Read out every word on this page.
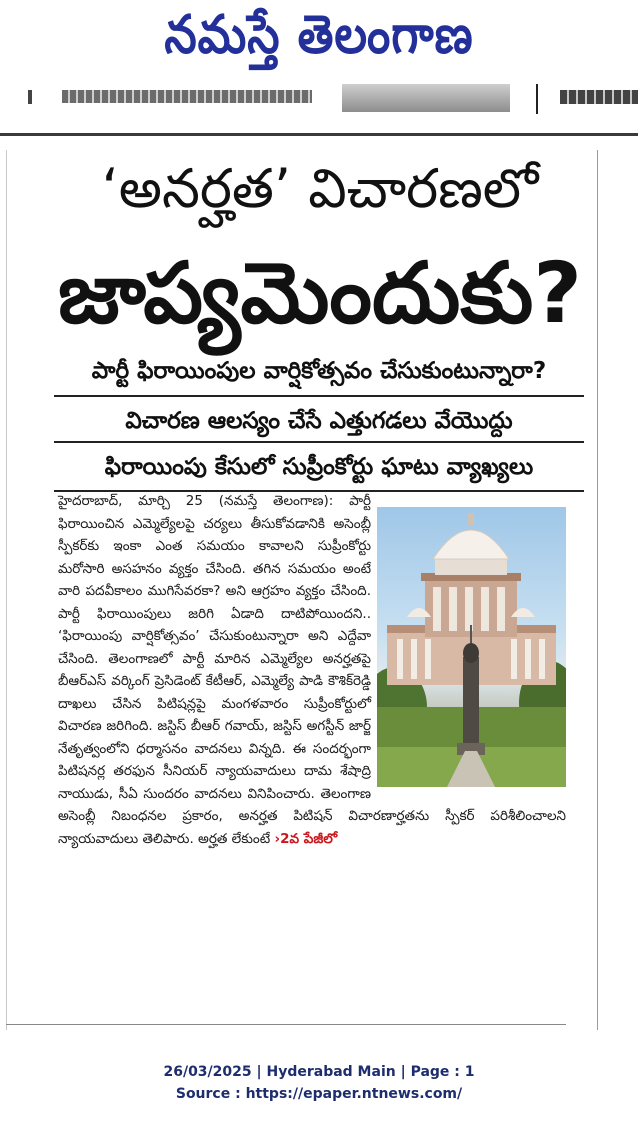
నమస్తే తెలంగాణ
‘అనర్హత’ విచారణలో
జాప్యమెందుకు?
పార్టీ ఫిరాయింపుల వార్షికోత్సవం చేసుకుంటున్నారా?
విచారణ ఆలస్యం చేసే ఎత్తుగడలు వేయొద్దు
ఫిరాయింపు కేసులో సుప్రీంకోర్టు ఘాటు వ్యాఖ్యలు

హైదరాబాద్, మార్చి 25 (నమస్తే తెలంగాణ): పార్టీ ఫిరాయించిన ఎమ్మెల్యేలపై చర్యలు తీసుకోవడానికి అసెంబ్లీ స్పీకర్‌కు ఇంకా ఎంత సమయం కావాలని సుప్రీంకోర్టు మరోసారి అసహనం వ్యక్తం చేసింది. తగిన సమయం అంటే వారి పదవీకాలం ముగిసేవరకా? అని ఆగ్రహం వ్యక్తం చేసింది. పార్టీ ఫిరాయింపులు జరిగి ఏడాది దాటిపోయిందని.. ‘ఫిరాయింపు వార్షికోత్సవం’ చేసుకుంటున్నారా అని ఎద్దేవా చేసింది. తెలంగాణలో పార్టీ మారిన ఎమ్మెల్యేల అనర్హతపై బీఆర్‌ఎస్ వర్కింగ్ ప్రెసిడెంట్ కేటీఆర్, ఎమ్మెల్యే పాడి కౌశిక్‌రెడ్డి దాఖలు చేసిన పిటిషన్లపై మంగళవారం సుప్రీంకోర్టులో విచారణ జరిగింది. జస్టిస్ బీఆర్ గవాయ్, జస్టిస్ అగస్టీన్ జార్జ్ నేతృత్వంలోని ధర్మాసనం వాదనలు విన్నది. ఈ సందర్భంగా పిటిషనర్ల తరఫున సీనియర్ న్యాయవాదులు దామ శేషాద్రి నాయుడు, సీఏ సుందరం వాదనలు వినిపించారు. తెలంగాణ అసెంబ్లీ నిబంధనల ప్రకారం, అనర్హత పిటిషన్ విచారణార్హతను స్పీకర్ పరిశీలించాలని న్యాయవాదులు తెలిపారు. అర్హత లేకుంటే ›2వ పేజీలో

26/03/2025 | Hyderabad Main | Page : 1
Source : https://epaper.ntnews.com/
